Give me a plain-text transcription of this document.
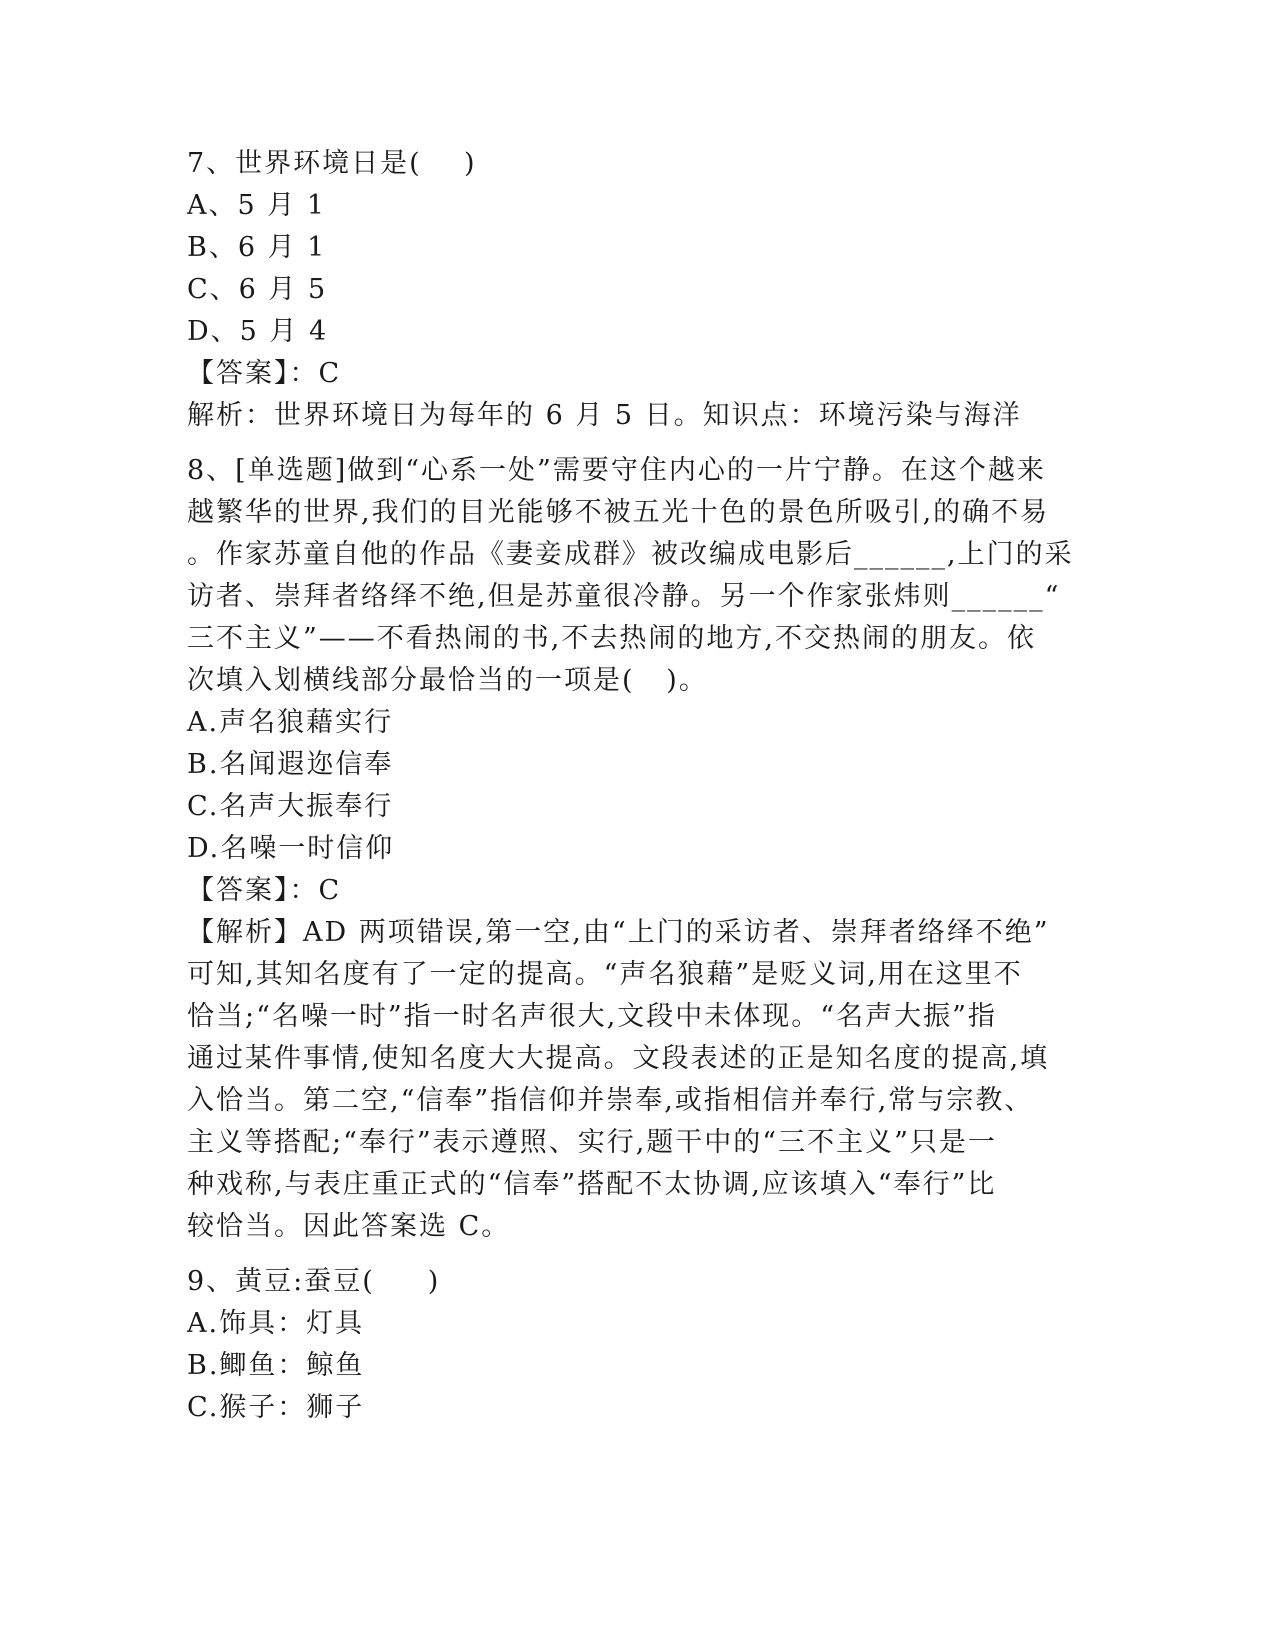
7、世界环境日是(    )
A、5 月 1
B、6 月 1
C、6 月 5
D、5 月 4
【答案】：C
解析：世界环境日为每年的 6 月 5 日。知识点：环境污染与海洋
8、[单选题]做到“心系一处”需要守住内心的一片宁静。在这个越来
越繁华的世界,我们的目光能够不被五光十色的景色所吸引,的确不易
。作家苏童自他的作品《妻妾成群》被改编成电影后______,上门的采
访者、崇拜者络绎不绝,但是苏童很冷静。另一个作家张炜则______“
三不主义”——不看热闹的书,不去热闹的地方,不交热闹的朋友。依
次填入划横线部分最恰当的一项是(   )。
A.声名狼藉实行
B.名闻遐迩信奉
C.名声大振奉行
D.名噪一时信仰
【答案】：C
【解析】AD 两项错误,第一空,由“上门的采访者、崇拜者络绎不绝”
可知,其知名度有了一定的提高。“声名狼藉”是贬义词,用在这里不
恰当;“名噪一时”指一时名声很大,文段中未体现。“名声大振”指
通过某件事情,使知名度大大提高。文段表述的正是知名度的提高,填
入恰当。第二空,“信奉”指信仰并崇奉,或指相信并奉行,常与宗教、
主义等搭配;“奉行”表示遵照、实行,题干中的“三不主义”只是一
种戏称,与表庄重正式的“信奉”搭配不太协调,应该填入“奉行”比
较恰当。因此答案选 C。
9、黄豆:蚕豆(     )
A.饰具：灯具
B.鲫鱼：鲸鱼
C.猴子：狮子
